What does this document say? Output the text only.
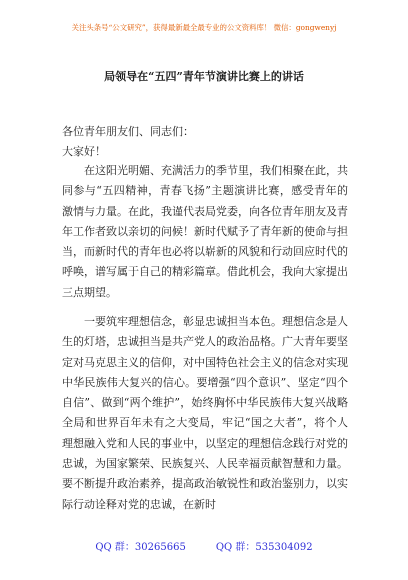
关注头条号“公文研究”，获得最新最全最专业的公文资料库！ 微信：gongwenyj
局领导在“五四”青年节演讲比赛上的讲话
各位青年朋友们、同志们：
大家好！

在这阳光明媚、充满活力的季节里，我们相聚在此，共同参与“五四精神，青春飞扬”主题演讲比赛，感受青年的激情与力量。在此，我谨代表局党委，向各位青年朋友及青年工作者致以亲切的问候！新时代赋予了青年新的使命与担当，而新时代的青年也必将以崭新的风貌和行动回应时代的呼唤，谱写属于自己的精彩篇章。借此机会，我向大家提出三点期望。

一要筑牢理想信念，彰显忠诚担当本色。理想信念是人生的灯塔，忠诚担当是共产党人的政治品格。广大青年要坚定对马克思主义的信仰，对中国特色社会主义的信念对实现中华民族伟大复兴的信心。要增强“四个意识”、坚定“四个自信”、做到“两个维护”，始终胸怀中华民族伟大复兴战略全局和世界百年未有之大变局，牢记“国之大者”，将个人理想融入党和人民的事业中，以坚定的理想信念践行对党的忠诚，为国家繁荣、民族复兴、人民幸福贡献智慧和力量。要不断提升政治素养，提高政治敏锐性和政治鉴别力，以实际行动诠释对党的忠诚，在新时

QQ 群：30265665	QQ 群：535304092
